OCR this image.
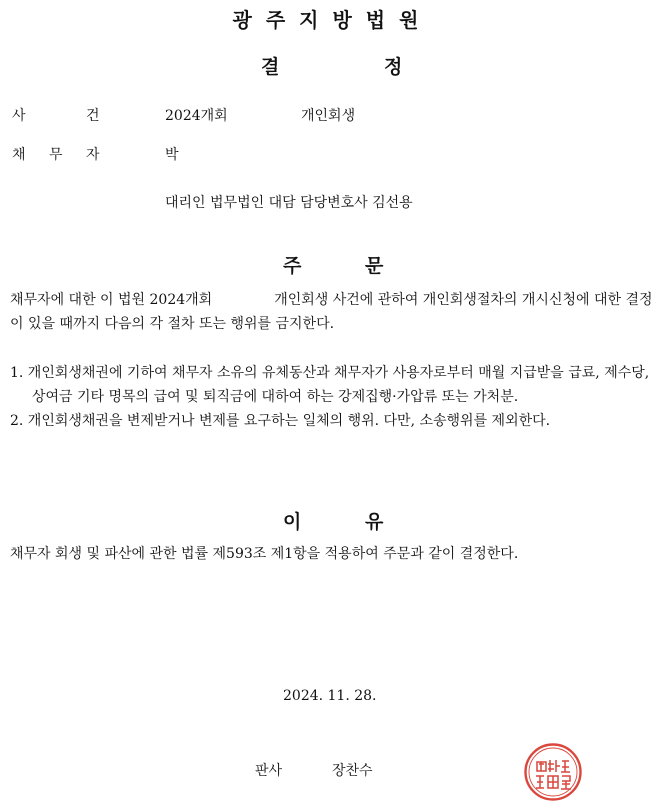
광주지방법원
결	정
사	건	2024개회	개인회생
채 무 자	박
대리인 법무법인 대담 담당변호사 김선용
주	문
채무자에 대한 이 법원 2024개회	개인회생 사건에 관하여 개인회생절차의 개시신청에 대한 결정이 있을 때까지 다음의 각 절차 또는 행위를 금지한다.
1. 개인회생채권에 기하여 채무자 소유의 유체동산과 채무자가 사용자로부터 매월 지급받을 급료, 제수당, 상여금 기타 명목의 급여 및 퇴직금에 대하여 하는 강제집행·가압류 또는 가처분.
2. 개인회생채권을 변제받거나 변제를 요구하는 일체의 행위. 다만, 소송행위를 제외한다.
이	유
채무자 회생 및 파산에 관한 법률 제593조 제1항을 적용하여 주문과 같이 결정한다.
2024. 11. 28.
판사	장찬수
